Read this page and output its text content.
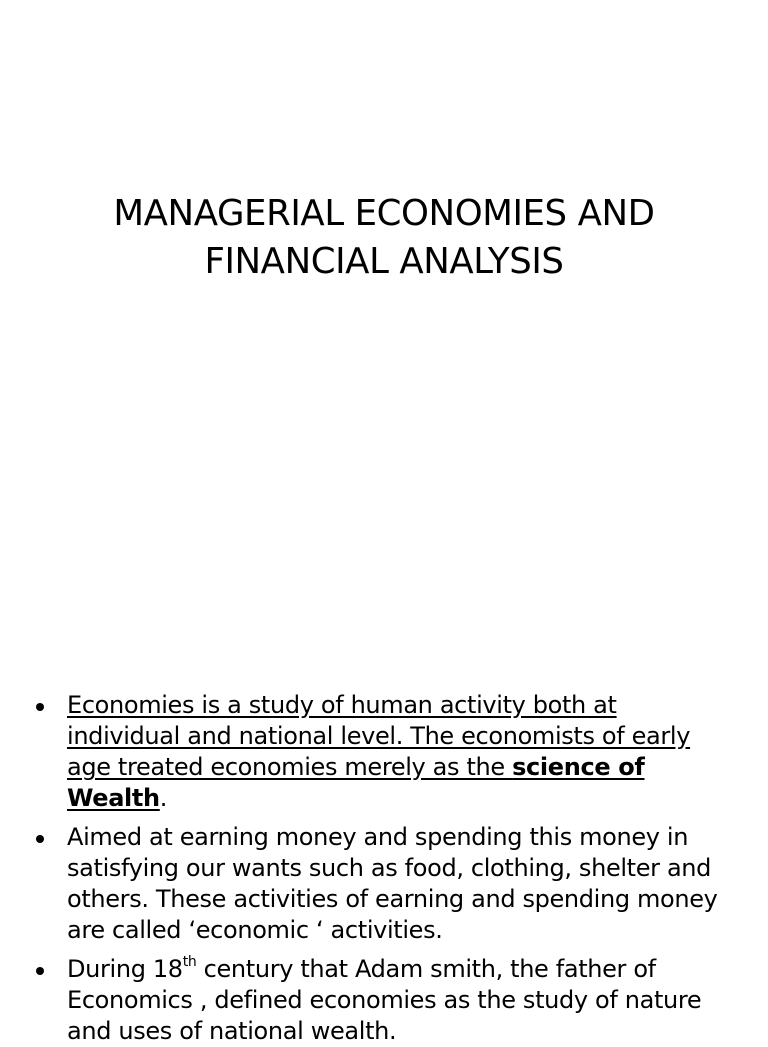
MANAGERIAL ECONOMIES AND
FINANCIAL ANALYSIS
Economies is a study of human activity both at
individual and national level. The economists of early
age treated economies merely as the science of
Wealth.
Aimed at earning money and spending this money in
satisfying our wants such as food, clothing, shelter and
others. These activities of earning and spending money
are called ‘economic ‘ activities.
During 18th century that Adam smith, the father of
Economics , defined economies as the study of nature
and uses of national wealth.
